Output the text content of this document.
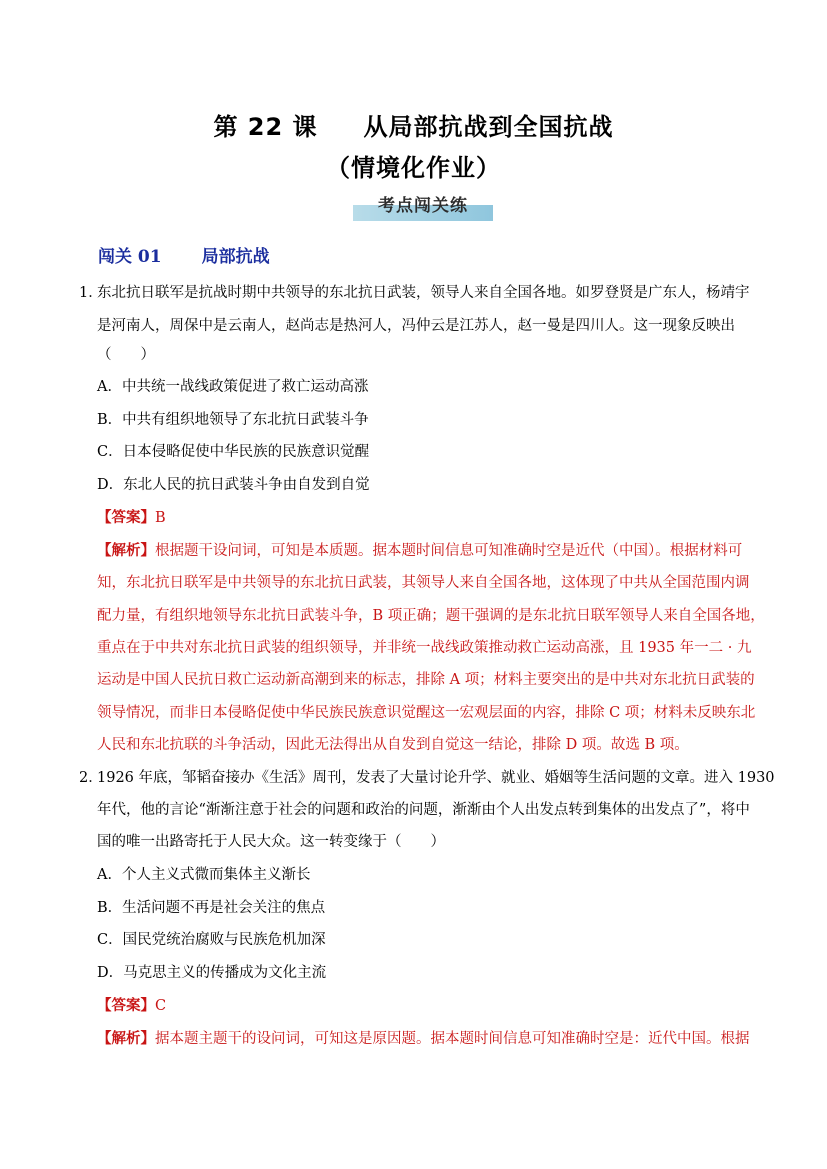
第 22 课 从局部抗战到全国抗战
（情境化作业）
考点闯关练
闯关 01 局部抗战
1．
东北抗日联军是抗战时期中共领导的东北抗日武装，领导人来自全国各地。如罗登贤是广东人，杨靖宇
是河南人，周保中是云南人，赵尚志是热河人，冯仲云是江苏人，赵一曼是四川人。这一现象反映出
（　　）
A．中共统一战线政策促进了救亡运动高涨
B．中共有组织地领导了东北抗日武装斗争
C．日本侵略促使中华民族的民族意识觉醒
D．东北人民的抗日武装斗争由自发到自觉
【答案】B
【解析】根据题干设问词，可知是本质题。据本题时间信息可知准确时空是近代（中国）。根据材料可
知，东北抗日联军是中共领导的东北抗日武装，其领导人来自全国各地，这体现了中共从全国范围内调
配力量，有组织地领导东北抗日武装斗争，B 项正确；题干强调的是东北抗日联军领导人来自全国各地，
重点在于中共对东北抗日武装的组织领导，并非统一战线政策推动救亡运动高涨，且 1935 年一二 · 九
运动是中国人民抗日救亡运动新高潮到来的标志，排除 A 项；材料主要突出的是中共对东北抗日武装的
领导情况，而非日本侵略促使中华民族民族意识觉醒这一宏观层面的内容，排除 C 项；材料未反映东北
人民和东北抗联的斗争活动，因此无法得出从自发到自觉这一结论，排除 D 项。故选 B 项。
2．
1926 年底，邹韬奋接办《生活》周刊，发表了大量讨论升学、就业、婚姻等生活问题的文章。进入 1930
年代，他的言论“渐渐注意于社会的问题和政治的问题，渐渐由个人出发点转到集体的出发点了”，将中
国的唯一出路寄托于人民大众。这一转变缘于（　　）
A．个人主义式微而集体主义渐长
B．生活问题不再是社会关注的焦点
C．国民党统治腐败与民族危机加深
D．马克思主义的传播成为文化主流
【答案】C
【解析】据本题主题干的设问词，可知这是原因题。据本题时间信息可知准确时空是：近代中国。根据
